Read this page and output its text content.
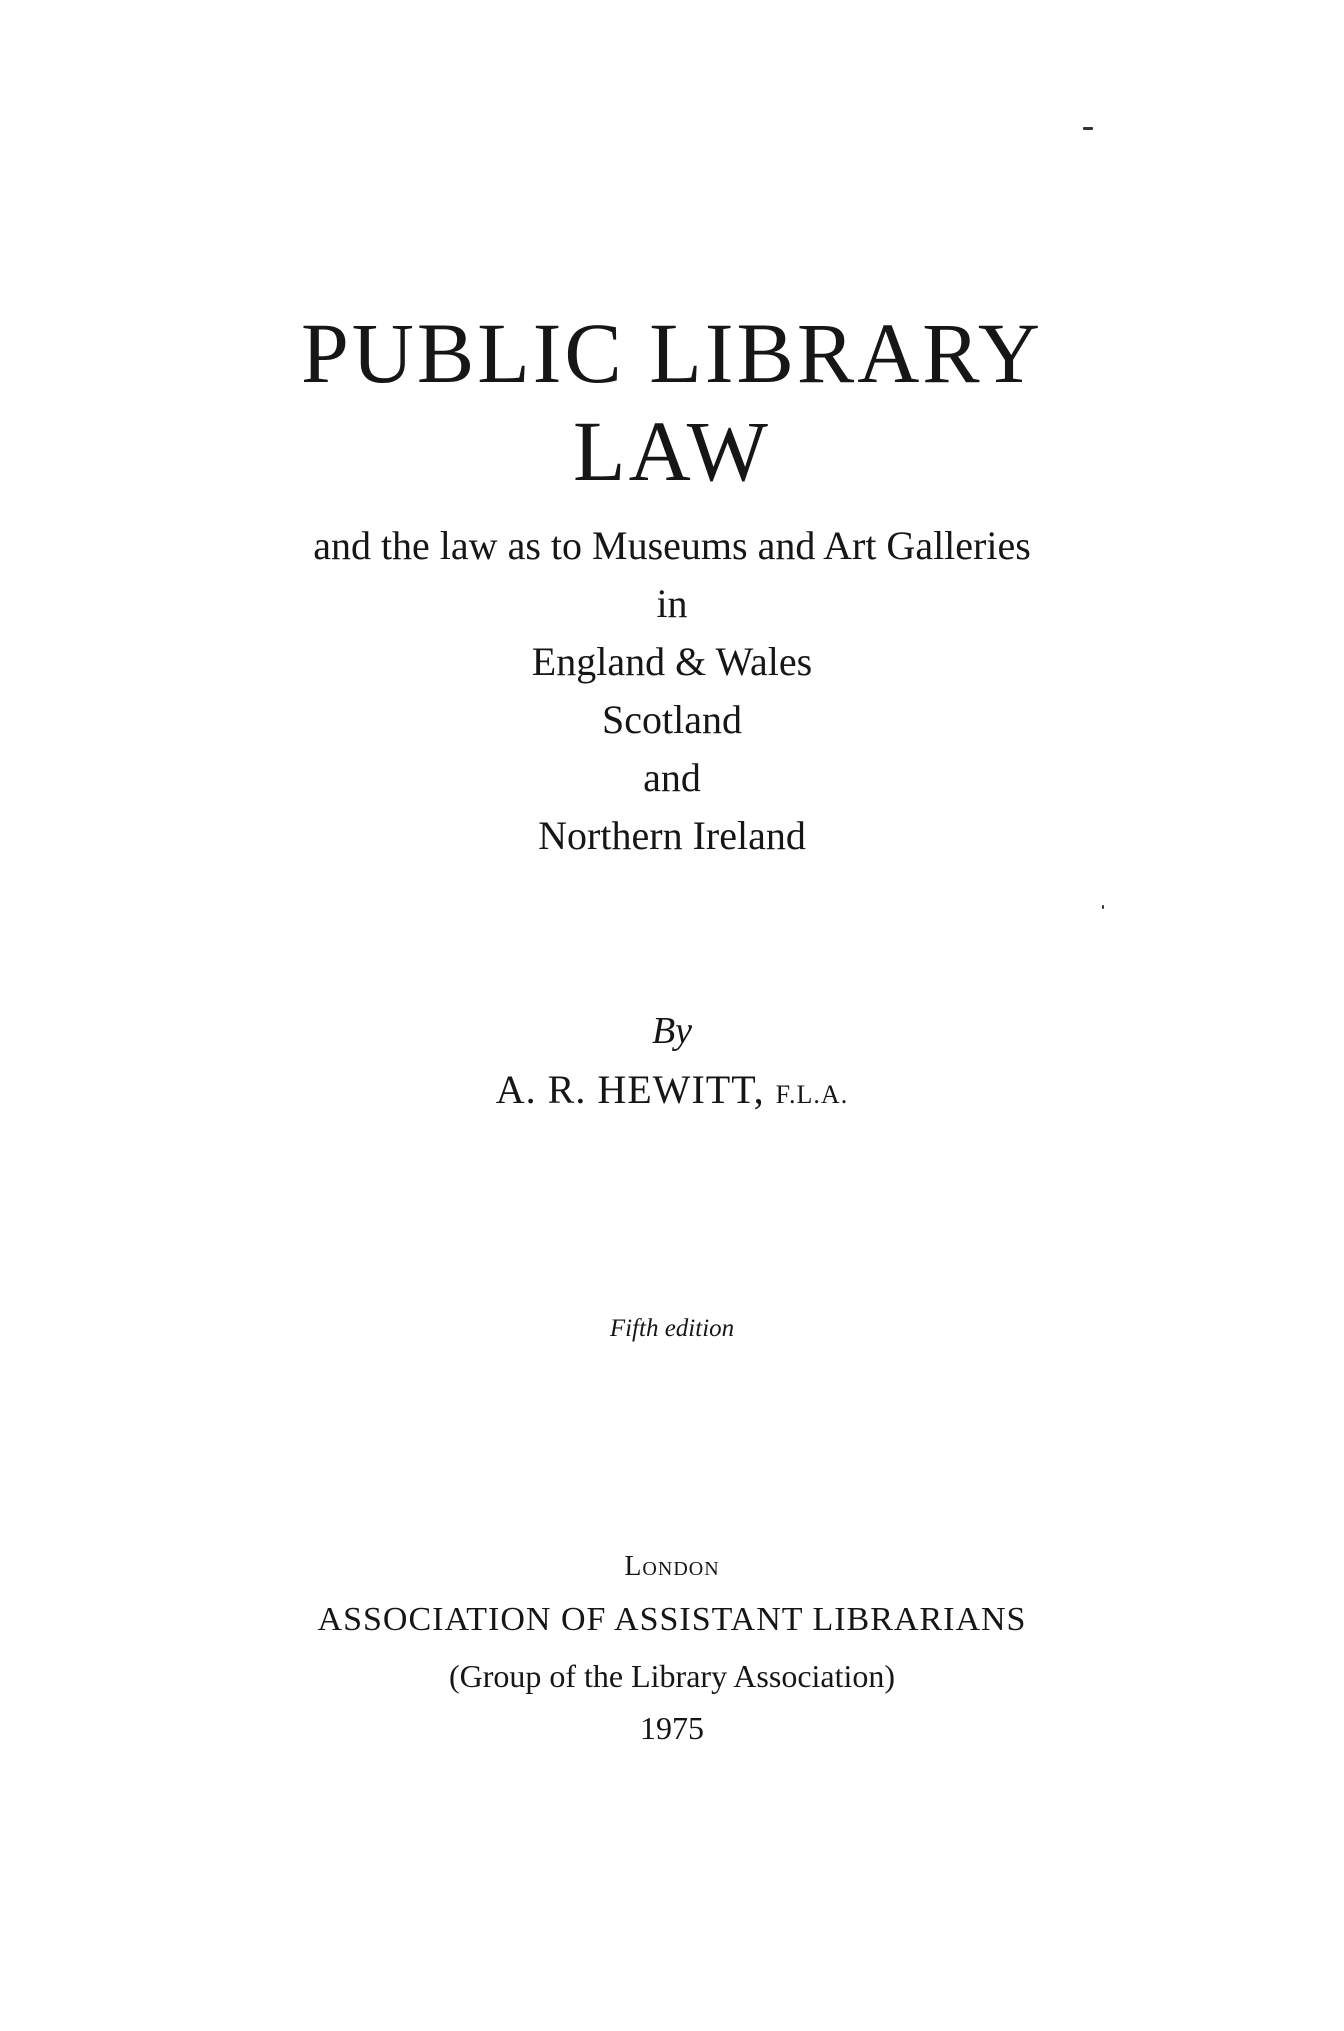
PUBLIC LIBRARY
LAW
and the law as to Museums and Art Galleries
in
England & Wales
Scotland
and
Northern Ireland
By
A. R. HEWITT, F.L.A.
Fifth edition
London
ASSOCIATION OF ASSISTANT LIBRARIANS
(Group of the Library Association)
1975
